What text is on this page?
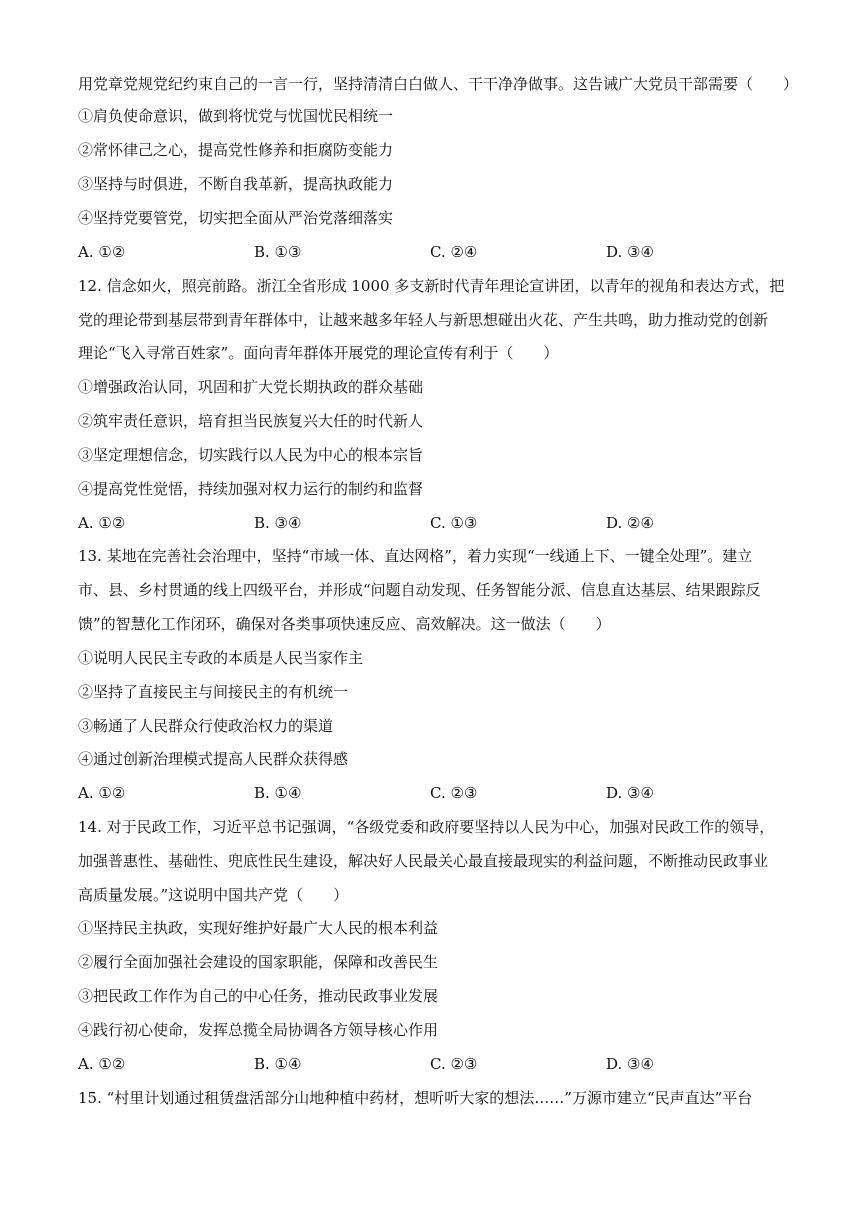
用党章党规党纪约束自己的一言一行，坚持清清白白做人、干干净净做事。这告诫广大党员干部需要（　　）
①肩负使命意识，做到将忧党与忧国忧民相统一
②常怀律己之心，提高党性修养和拒腐防变能力
③坚持与时俱进，不断自我革新，提高执政能力
④坚持党要管党，切实把全面从严治党落细落实
A. ①②	B. ①③	C. ②④	D. ③④
12. 信念如火，照亮前路。浙江全省形成 1000 多支新时代青年理论宣讲团，以青年的视角和表达方式，把
党的理论带到基层带到青年群体中，让越来越多年轻人与新思想碰出火花、产生共鸣，助力推动党的创新
理论“飞入寻常百姓家”。面向青年群体开展党的理论宣传有利于（　　）
①增强政治认同，巩固和扩大党长期执政的群众基础
②筑牢责任意识，培育担当民族复兴大任的时代新人
③坚定理想信念，切实践行以人民为中心的根本宗旨
④提高党性觉悟，持续加强对权力运行的制约和监督
A. ①②	B. ③④	C. ①③	D. ②④
13. 某地在完善社会治理中，坚持“市域一体、直达网格”，着力实现“一线通上下、一键全处理”。建立
市、县、乡村贯通的线上四级平台，并形成“问题自动发现、任务智能分派、信息直达基层、结果跟踪反
馈”的智慧化工作闭环，确保对各类事项快速反应、高效解决。这一做法（　　）
①说明人民民主专政的本质是人民当家作主
②坚持了直接民主与间接民主的有机统一
③畅通了人民群众行使政治权力的渠道
④通过创新治理模式提高人民群众获得感
A. ①②	B. ①④	C. ②③	D. ③④
14. 对于民政工作，习近平总书记强调，“各级党委和政府要坚持以人民为中心，加强对民政工作的领导，
加强普惠性、基础性、兜底性民生建设，解决好人民最关心最直接最现实的利益问题，不断推动民政事业
高质量发展。”这说明中国共产党（　　）
①坚持民主执政，实现好维护好最广大人民的根本利益
②履行全面加强社会建设的国家职能，保障和改善民生
③把民政工作作为自己的中心任务，推动民政事业发展
④践行初心使命，发挥总揽全局协调各方领导核心作用
A. ①②	B. ①④	C. ②③	D. ③④
15. “村里计划通过租赁盘活部分山地种植中药材，想听听大家的想法……”万源市建立“民声直达”平台
